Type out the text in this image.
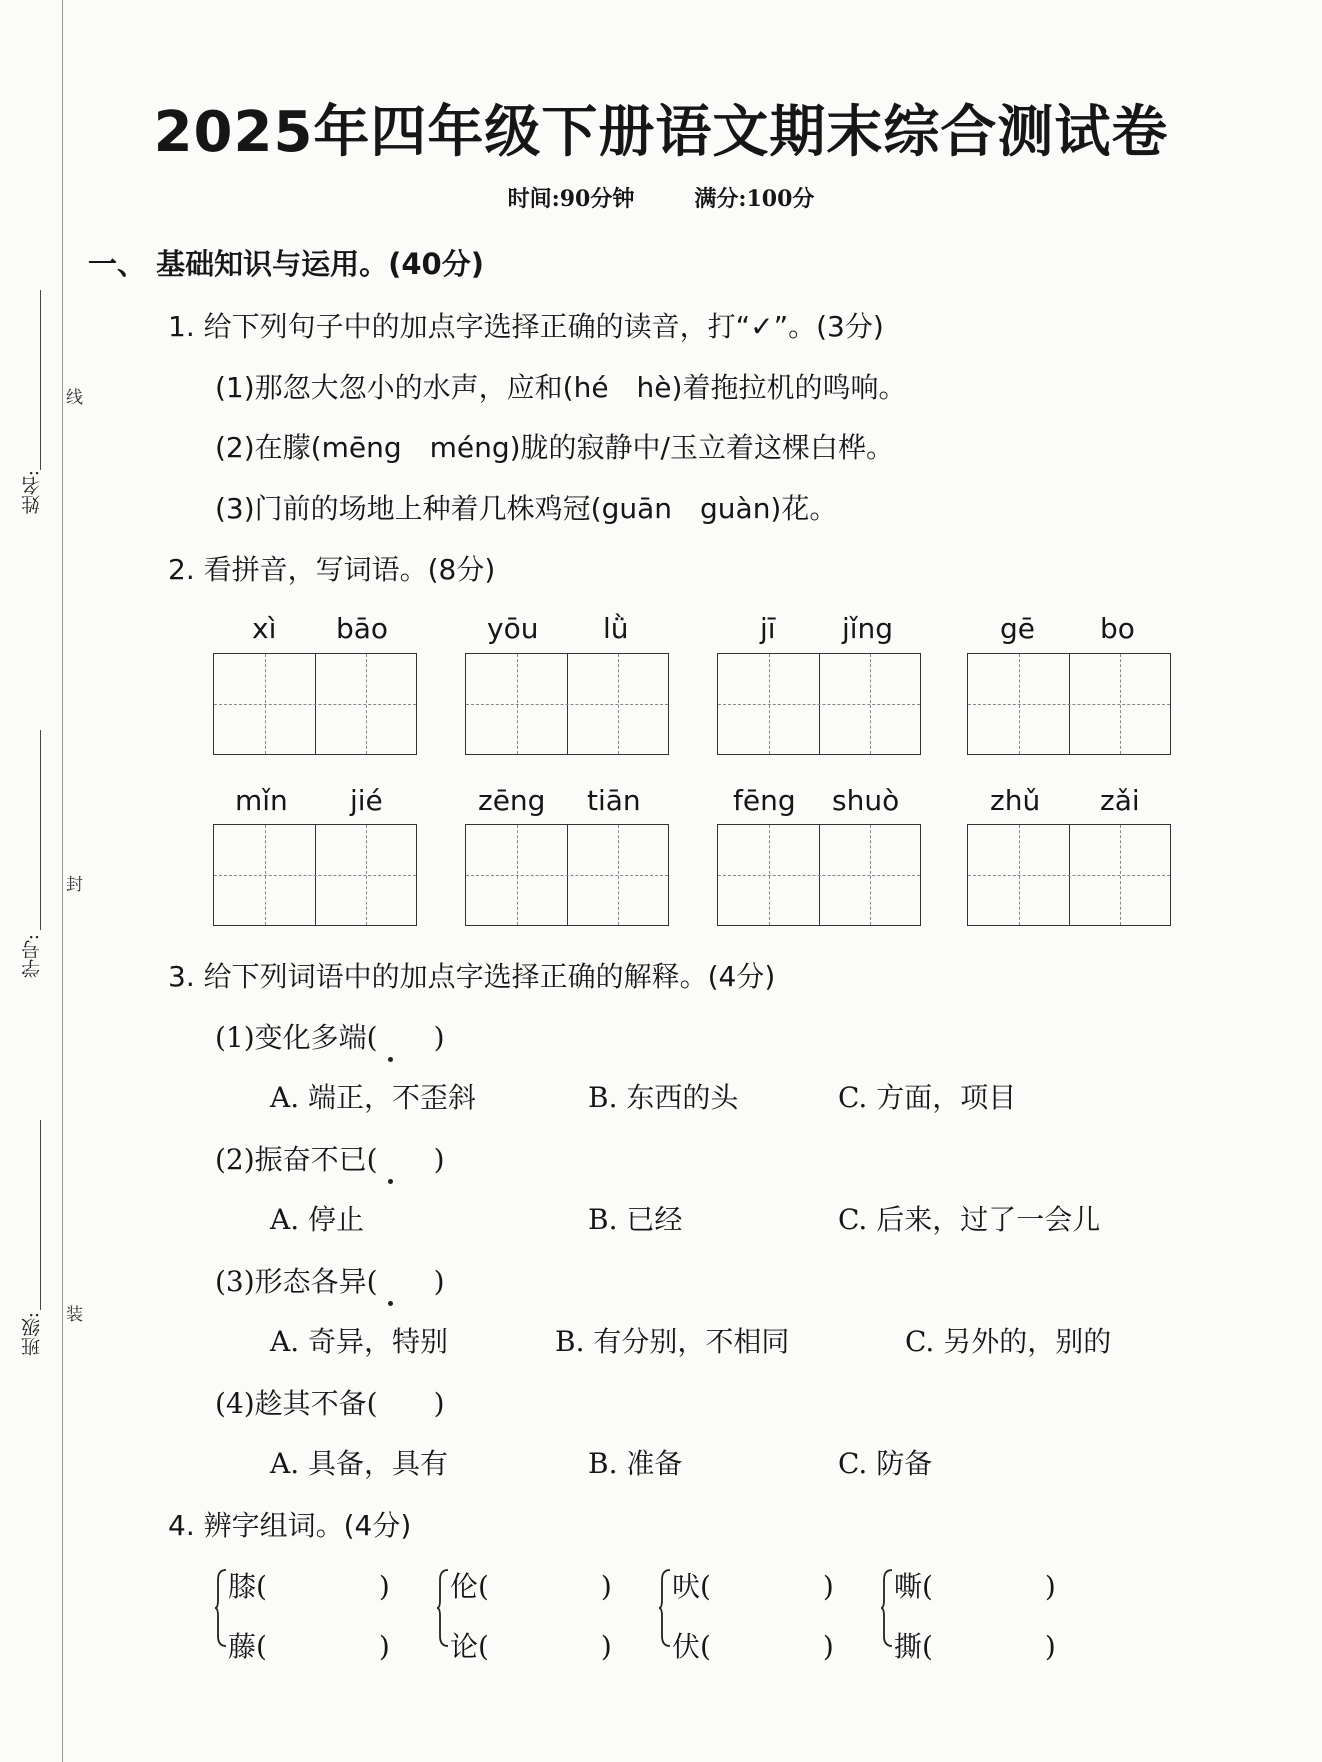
姓名:
线
学号:
封
班级: 装
2025年四年级下册语文期末综合测试卷
时间:90分钟	满分:100分
一、 基础知识与运用。(40分)
1. 给下列句子中的加点字选择正确的读音，打“✓”。(3分)
(1)那忽大忽小的水声，应和(hé　hè)着拖拉机的鸣响。
(2)在朦(mēng　méng)胧的寂静中/玉立着这棵白桦。
(3)门前的场地上种着几株鸡冠(guān　guàn)花。
2. 看拼音，写词语。(8分)
xì bāo	yōu lǜ	jī jǐng	gē bo
mǐn jié	zēng tiān	fēng shuò	zhǔ zǎi
3. 给下列词语中的加点字选择正确的解释。(4分)
(1)变化多端(　　)
A. 端正，不歪斜	B. 东西的头	C. 方面，项目
(2)振奋不已(　　)
A. 停止	B. 已经	C. 后来，过了一会儿
(3)形态各异(　　)
A. 奇异，特别	B. 有分别，不相同	C. 另外的，别的
(4)趁其不备(　　)
A. 具备，具有	B. 准备	C. 防备
4. 辨字组词。(4分)
膝(　　　　)
藤(　　　　)
伦(　　　　)
论(　　　　)
吠(　　　　)
伏(　　　　)
嘶(　　　　)
撕(　　　　)
